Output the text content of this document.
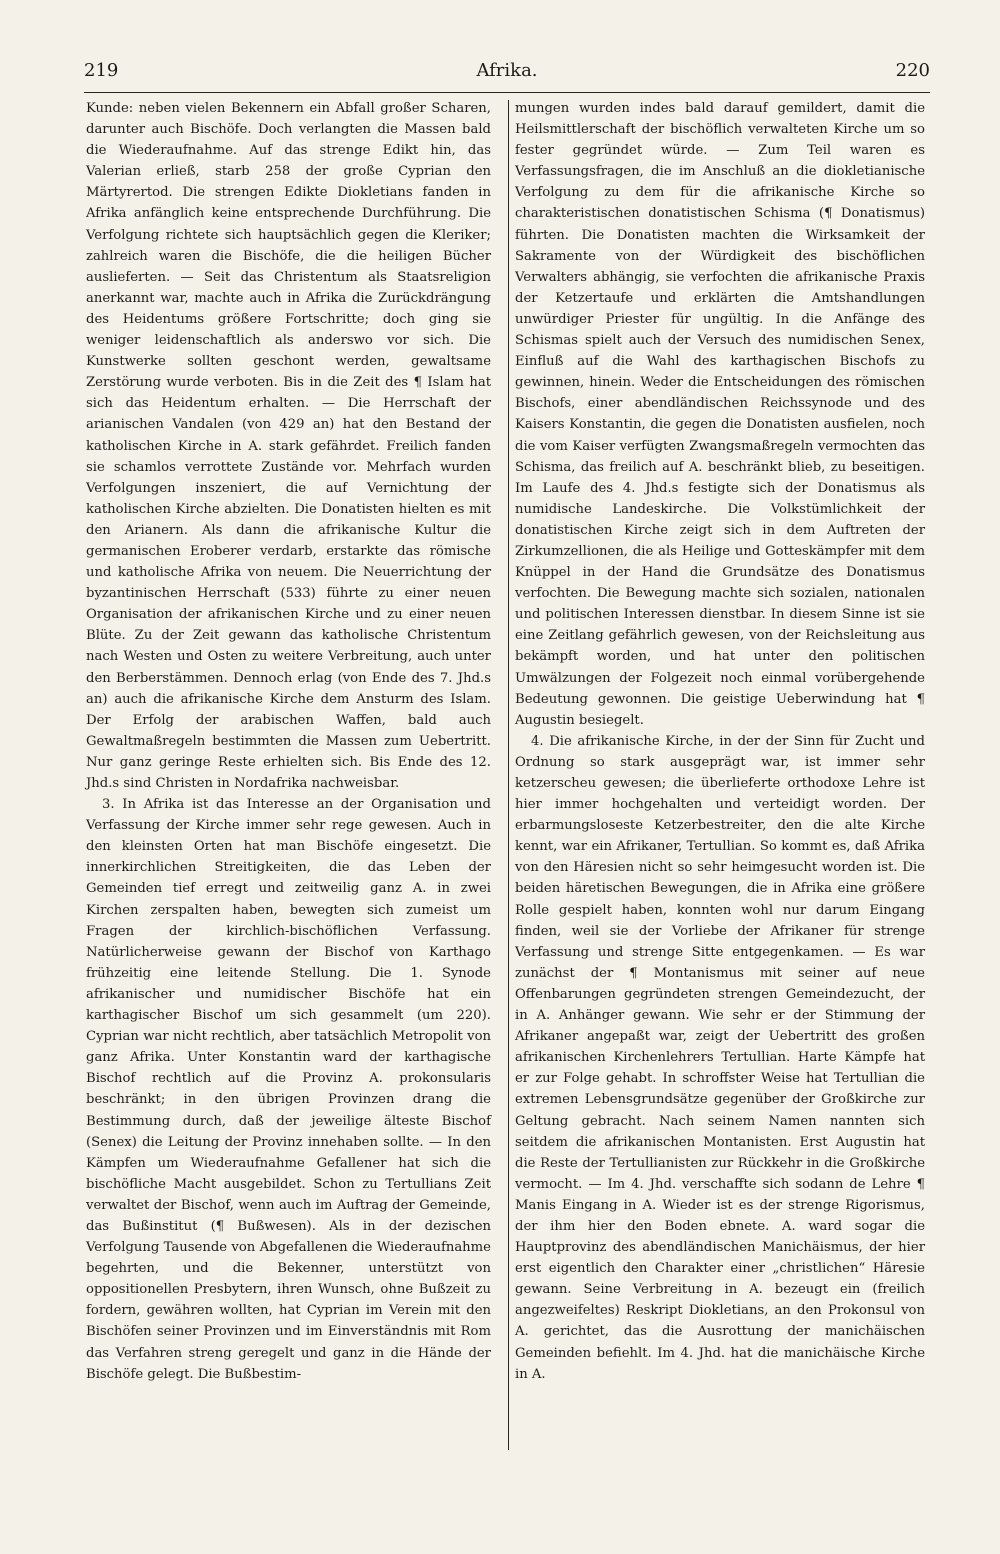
219	Afrika.	220

Kunde: neben vielen Bekennern ein Abfall großer Scharen, darunter auch Bischöfe. Doch verlangten die Massen bald die Wiederaufnahme. Auf das strenge Edikt hin, das Valerian erließ, starb 258 der große Cyprian den Märtyrertod. Die strengen Edikte Diokletians fanden in Afrika anfänglich keine entsprechende Durchführung. Die Verfolgung richtete sich hauptsächlich gegen die Kleriker; zahlreich waren die Bischöfe, die die heiligen Bücher auslieferten. — Seit das Christentum als Staatsreligion anerkannt war, machte auch in Afrika die Zurückdrängung des Heidentums größere Fortschritte; doch ging sie weniger leidenschaftlich als anderswo vor sich. Die Kunstwerke sollten geschont werden, gewaltsame Zerstörung wurde verboten. Bis in die Zeit des ¶ Islam hat sich das Heidentum erhalten. — Die Herrschaft der arianischen Vandalen (von 429 an) hat den Bestand der katholischen Kirche in A. stark gefährdet. Freilich fanden sie schamlos verrottete Zustände vor. Mehrfach wurden Verfolgungen inszeniert, die auf Vernichtung der katholischen Kirche abzielten. Die Donatisten hielten es mit den Arianern. Als dann die afrikanische Kultur die germanischen Eroberer verdarb, erstarkte das römische und katholische Afrika von neuem. Die Neuerrichtung der byzantinischen Herrschaft (533) führte zu einer neuen Organisation der afrikanischen Kirche und zu einer neuen Blüte. Zu der Zeit gewann das katholische Christentum nach Westen und Osten zu weitere Verbreitung, auch unter den Berberstämmen. Dennoch erlag (von Ende des 7. Jhd.s an) auch die afrikanische Kirche dem Ansturm des Islam. Der Erfolg der arabischen Waffen, bald auch Gewaltmaßregeln bestimmten die Massen zum Uebertritt. Nur ganz geringe Reste erhielten sich. Bis Ende des 12. Jhd.s sind Christen in Nordafrika nachweisbar.

3. In Afrika ist das Interesse an der Organisation und Verfassung der Kirche immer sehr rege gewesen. Auch in den kleinsten Orten hat man Bischöfe eingesetzt. Die innerkirchlichen Streitigkeiten, die das Leben der Gemeinden tief erregt und zeitweilig ganz A. in zwei Kirchen zerspalten haben, bewegten sich zumeist um Fragen der kirchlich-bischöflichen Verfassung. Natürlicherweise gewann der Bischof von Karthago frühzeitig eine leitende Stellung. Die 1. Synode afrikanischer und numidischer Bischöfe hat ein karthagischer Bischof um sich gesammelt (um 220). Cyprian war nicht rechtlich, aber tatsächlich Metropolit von ganz Afrika. Unter Konstantin ward der karthagische Bischof rechtlich auf die Provinz A. prokonsularis beschränkt; in den übrigen Provinzen drang die Bestimmung durch, daß der jeweilige älteste Bischof (Senex) die Leitung der Provinz innehaben sollte. — In den Kämpfen um Wiederaufnahme Gefallener hat sich die bischöfliche Macht ausgebildet. Schon zu Tertullians Zeit verwaltet der Bischof, wenn auch im Auftrag der Gemeinde, das Bußinstitut (¶ Bußwesen). Als in der dezischen Verfolgung Tausende von Abgefallenen die Wiederaufnahme begehrten, und die Bekenner, unterstützt von oppositionellen Presbytern, ihren Wunsch, ohne Bußzeit zu fordern, gewähren wollten, hat Cyprian im Verein mit den Bischöfen seiner Provinzen und im Einverständnis mit Rom das Verfahren streng geregelt und ganz in die Hände der Bischöfe gelegt. Die Bußbestim-

mungen wurden indes bald darauf gemildert, damit die Heilsmittlerschaft der bischöflich verwalteten Kirche um so fester gegründet würde. — Zum Teil waren es Verfassungsfragen, die im Anschluß an die diokletianische Verfolgung zu dem für die afrikanische Kirche so charakteristischen donatistischen Schisma (¶ Donatismus) führten. Die Donatisten machten die Wirksamkeit der Sakramente von der Würdigkeit des bischöflichen Verwalters abhängig, sie verfochten die afrikanische Praxis der Ketzertaufe und erklärten die Amtshandlungen unwürdiger Priester für ungültig. In die Anfänge des Schismas spielt auch der Versuch des numidischen Senex, Einfluß auf die Wahl des karthagischen Bischofs zu gewinnen, hinein. Weder die Entscheidungen des römischen Bischofs, einer abendländischen Reichssynode und des Kaisers Konstantin, die gegen die Donatisten ausfielen, noch die vom Kaiser verfügten Zwangsmaßregeln vermochten das Schisma, das freilich auf A. beschränkt blieb, zu beseitigen. Im Laufe des 4. Jhd.s festigte sich der Donatismus als numidische Landeskirche. Die Volkstümlichkeit der donatistischen Kirche zeigt sich in dem Auftreten der Zirkumzellionen, die als Heilige und Gotteskämpfer mit dem Knüppel in der Hand die Grundsätze des Donatismus verfochten. Die Bewegung machte sich sozialen, nationalen und politischen Interessen dienstbar. In diesem Sinne ist sie eine Zeitlang gefährlich gewesen, von der Reichsleitung aus bekämpft worden, und hat unter den politischen Umwälzungen der Folgezeit noch einmal vorübergehende Bedeutung gewonnen. Die geistige Ueberwindung hat ¶ Augustin besiegelt.

4. Die afrikanische Kirche, in der der Sinn für Zucht und Ordnung so stark ausgeprägt war, ist immer sehr ketzerscheu gewesen; die überlieferte orthodoxe Lehre ist hier immer hochgehalten und verteidigt worden. Der erbarmungsloseste Ketzerbestreiter, den die alte Kirche kennt, war ein Afrikaner, Tertullian. So kommt es, daß Afrika von den Häresien nicht so sehr heimgesucht worden ist. Die beiden häretischen Bewegungen, die in Afrika eine größere Rolle gespielt haben, konnten wohl nur darum Eingang finden, weil sie der Vorliebe der Afrikaner für strenge Verfassung und strenge Sitte entgegenkamen. — Es war zunächst der ¶ Montanismus mit seiner auf neue Offenbarungen gegründeten strengen Gemeindezucht, der in A. Anhänger gewann. Wie sehr er der Stimmung der Afrikaner angepaßt war, zeigt der Uebertritt des großen afrikanischen Kirchenlehrers Tertullian. Harte Kämpfe hat er zur Folge gehabt. In schroffster Weise hat Tertullian die extremen Lebensgrundsätze gegenüber der Großkirche zur Geltung gebracht. Nach seinem Namen nannten sich seitdem die afrikanischen Montanisten. Erst Augustin hat die Reste der Tertullianisten zur Rückkehr in die Großkirche vermocht. — Im 4. Jhd. verschaffte sich sodann de Lehre ¶ Manis Eingang in A. Wieder ist es der strenge Rigorismus, der ihm hier den Boden ebnete. A. ward sogar die Hauptprovinz des abendländischen Manichäismus, der hier erst eigentlich den Charakter einer „christlichen“ Häresie gewann. Seine Verbreitung in A. bezeugt ein (freilich angezweifeltes) Reskript Diokletians, an den Prokonsul von A. gerichtet, das die Ausrottung der manichäischen Gemeinden befiehlt. Im 4. Jhd. hat die manichäische Kirche in A.
